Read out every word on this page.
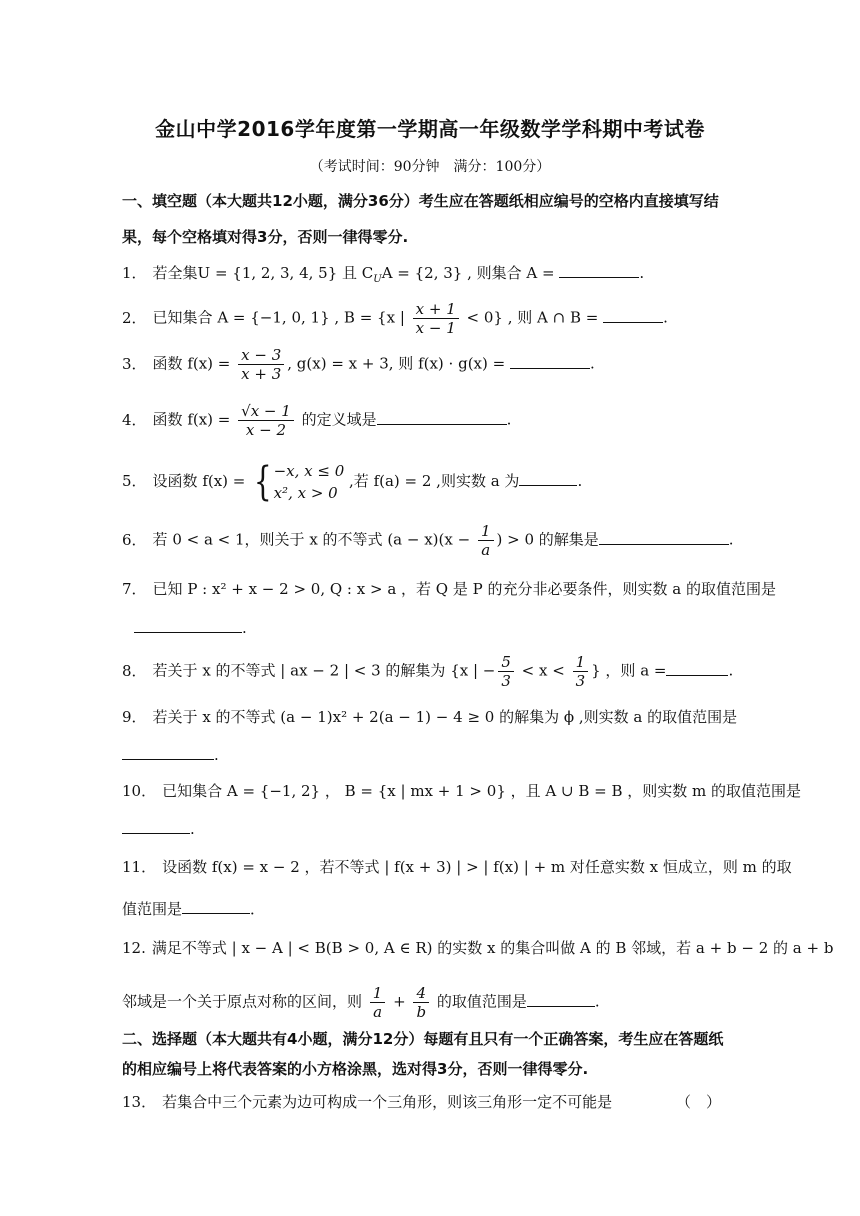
金山中学2016学年度第一学期高一年级数学学科期中考试卷
（考试时间：90分钟　满分：100分）
一、填空题（本大题共12小题，满分36分）考生应在答题纸相应编号的空格内直接填写结
果，每个空格填对得3分，否则一律得零分.
1． 若全集U = {1, 2, 3, 4, 5} 且 $C_UA = \{2$, 3} , 则集合 A =	.
2． 已知集合 A = {−1, 0, 1} , B = {x | $\frac{x + 1}{x - 1} < 0$} , 则 A ∩ B =	.
3． 函数 $f(x) = \frac{x - 3}{x + 3}$ , g(x) = x + 3, 则 f(x) · g(x) =	.
4． 函数 $f(x) = \frac{√x - 1}{x - 2}$ 的定义域是	.
5． 设函数 f(x) = { −x, x ≤ 0
x², x > 0
,若 f(a) = 2 ,则实数 a 为	.
6． 若 0 < a < 1，则关于 x 的不等式 $(a - x)(x - \frac{1}{a}$ ) > 0 的解集是	.
7． 已知 P : x² + x − 2 > 0, Q : x > a ，若 Q 是 P 的充分非必要条件，则实数 a 的取值范围是
.
8． 若关于 x 的不等式 | ax − 2 | < 3 的解集为 {x | − $\frac{5}{3} < x < \frac{1}{3}$ } ，则 a =	.
9． 若关于 x 的不等式 (a − 1)x² + 2(a − 1) − 4 ≥ 0 的解集为 ϕ ,则实数 a 的取值范围是
.
10． 已知集合 A = {−1, 2} ， B = {x | mx + 1 > 0} ，且 A ∪ B = B ，则实数 m 的取值范围是
.
11． 设函数 f(x) = x − 2 ，若不等式 | f(x + 3) | > | f(x) | + m 对任意实数 x 恒成立，则 m 的取
值范围是	．
12. 满足不等式 | x − A | < B(B > 0, A ∈ R) 的实数 x 的集合叫做 A 的 B 邻域，若 a + b − 2 的 a + b
邻域是一个关于原点对称的区间，则 $\frac{1}{a} + \frac{4}{b}$ 的取值范围是	.
二、选择题（本大题共有4小题，满分12分）每题有且只有一个正确答案，考生应在答题纸
的相应编号上将代表答案的小方格涂黑，选对得3分，否则一律得零分.
13． 若集合中三个元素为边可构成一个三角形，则该三角形一定不可能是	（　）
